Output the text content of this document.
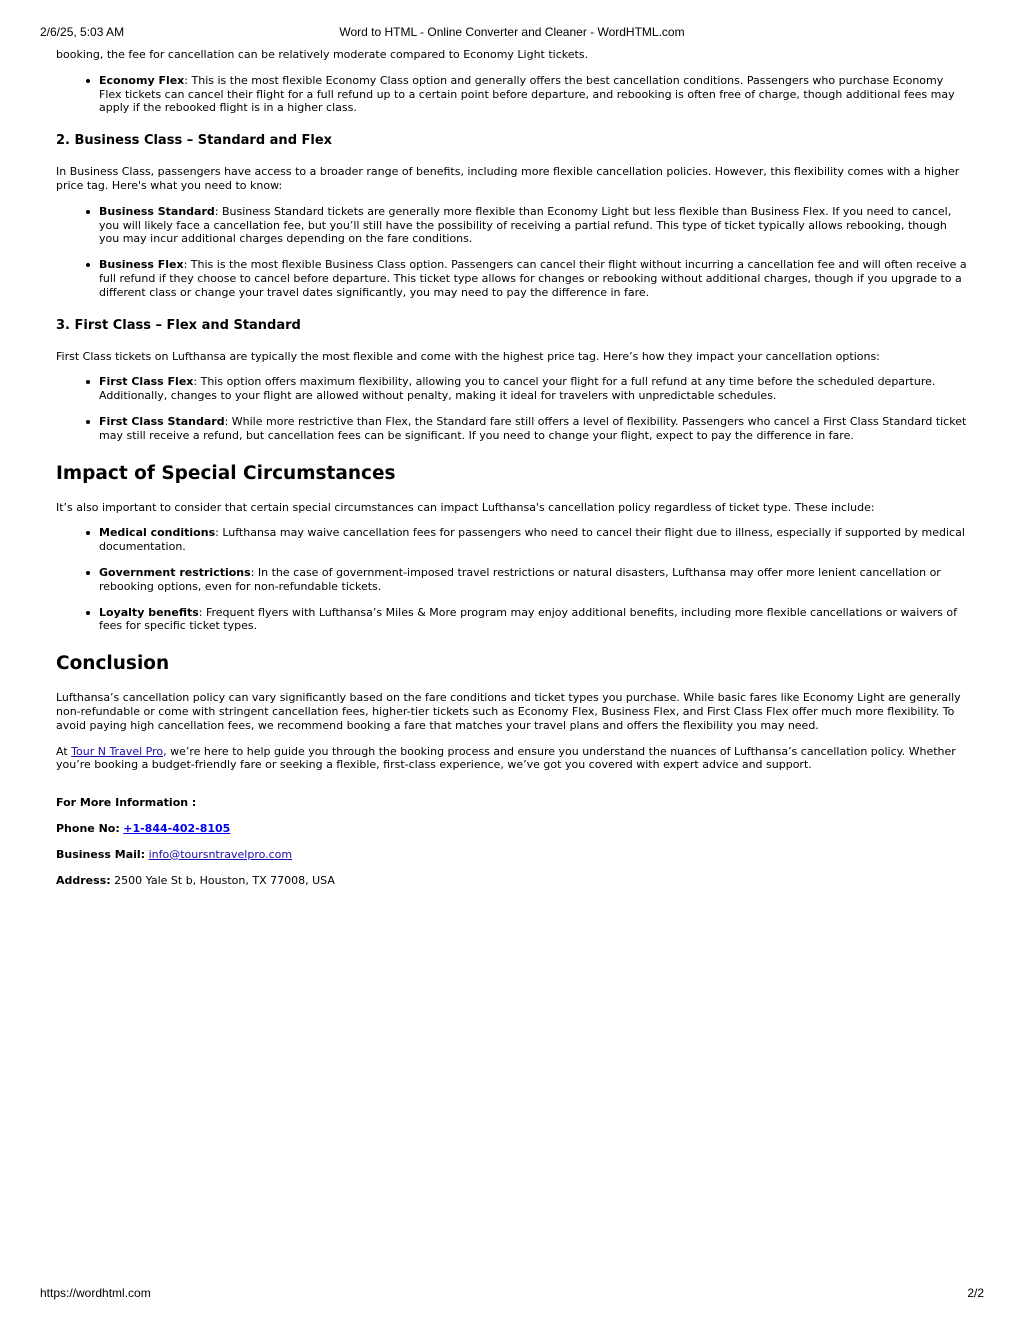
2/6/25, 5:03 AM	Word to HTML - Online Converter and Cleaner - WordHTML.com

booking, the fee for cancellation can be relatively moderate compared to Economy Light tickets.

Economy Flex: This is the most flexible Economy Class option and generally offers the best cancellation conditions. Passengers who purchase Economy Flex tickets can cancel their flight for a full refund up to a certain point before departure, and rebooking is often free of charge, though additional fees may apply if the rebooked flight is in a higher class.
2. Business Class – Standard and Flex

In Business Class, passengers have access to a broader range of benefits, including more flexible cancellation policies. However, this flexibility comes with a higher price tag. Here's what you need to know:

Business Standard: Business Standard tickets are generally more flexible than Economy Light but less flexible than Business Flex. If you need to cancel, you will likely face a cancellation fee, but you’ll still have the possibility of receiving a partial refund. This type of ticket typically allows rebooking, though you may incur additional charges depending on the fare conditions.
Business Flex: This is the most flexible Business Class option. Passengers can cancel their flight without incurring a cancellation fee and will often receive a full refund if they choose to cancel before departure. This ticket type allows for changes or rebooking without additional charges, though if you upgrade to a different class or change your travel dates significantly, you may need to pay the difference in fare.
3. First Class – Flex and Standard

First Class tickets on Lufthansa are typically the most flexible and come with the highest price tag. Here’s how they impact your cancellation options:

First Class Flex: This option offers maximum flexibility, allowing you to cancel your flight for a full refund at any time before the scheduled departure. Additionally, changes to your flight are allowed without penalty, making it ideal for travelers with unpredictable schedules.
First Class Standard: While more restrictive than Flex, the Standard fare still offers a level of flexibility. Passengers who cancel a First Class Standard ticket may still receive a refund, but cancellation fees can be significant. If you need to change your flight, expect to pay the difference in fare.
Impact of Special Circumstances

It’s also important to consider that certain special circumstances can impact Lufthansa's cancellation policy regardless of ticket type. These include:

Medical conditions: Lufthansa may waive cancellation fees for passengers who need to cancel their flight due to illness, especially if supported by medical documentation.
Government restrictions: In the case of government-imposed travel restrictions or natural disasters, Lufthansa may offer more lenient cancellation or rebooking options, even for non-refundable tickets.
Loyalty benefits: Frequent flyers with Lufthansa’s Miles & More program may enjoy additional benefits, including more flexible cancellations or waivers of fees for specific ticket types.
Conclusion

Lufthansa’s cancellation policy can vary significantly based on the fare conditions and ticket types you purchase. While basic fares like Economy Light are generally non-refundable or come with stringent cancellation fees, higher-tier tickets such as Economy Flex, Business Flex, and First Class Flex offer much more flexibility. To avoid paying high cancellation fees, we recommend booking a fare that matches your travel plans and offers the flexibility you may need.

At Tour N Travel Pro, we’re here to help guide you through the booking process and ensure you understand the nuances of Lufthansa’s cancellation policy. Whether you’re booking a budget-friendly fare or seeking a flexible, first-class experience, we’ve got you covered with expert advice and support.

For More Information :

Phone No: +1-844-402-8105

Business Mail: info@toursntravelpro.com

Address: 2500 Yale St b, Houston, TX 77008, USA

https://wordhtml.com	2/2
